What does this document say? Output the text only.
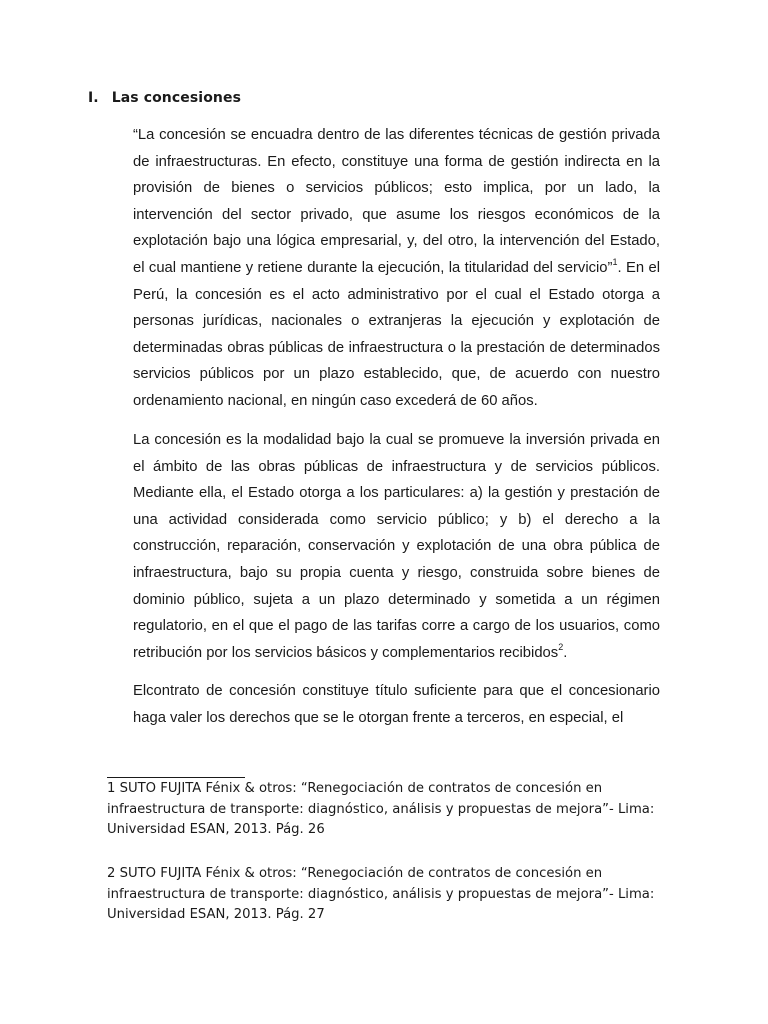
I. Las concesiones

“La concesión se encuadra dentro de las diferentes técnicas de gestión privada de infraestructuras. En efecto, constituye una forma de gestión indirecta en la provisión de bienes o servicios públicos; esto implica, por un lado, la intervención del sector privado, que asume los riesgos económicos de la explotación bajo una lógica empresarial, y, del otro, la intervención del Estado, el cual mantiene y retiene durante la ejecución, la titularidad del servicio”$^1$. En el Perú, la concesión es el acto administrativo por el cual el Estado otorga a personas jurídicas, nacionales o extranjeras la ejecución y explotación de determinadas obras públicas de infraestructura o la prestación de determinados servicios públicos por un plazo establecido, que, de acuerdo con nuestro ordenamiento nacional, en ningún caso excederá de 60 años.

La concesión es la modalidad bajo la cual se promueve la inversión privada en el ámbito de las obras públicas de infraestructura y de servicios públicos. Mediante ella, el Estado otorga a los particulares: a) la gestión y prestación de una actividad considerada como servicio público; y b) el derecho a la construcción, reparación, conservación y explotación de una obra pública de infraestructura, bajo su propia cuenta y riesgo, construida sobre bienes de dominio público, sujeta a un plazo determinado y sometida a un régimen regulatorio, en el que el pago de las tarifas corre a cargo de los usuarios, como retribución por los servicios básicos y complementarios recibidos$^2$.

Elcontrato de concesión constituye título suficiente para que el concesionario haga valer los derechos que se le otorgan frente a terceros, en especial, el

1 SUTO FUJITA Fénix & otros: “Renegociación de contratos de concesión en infraestructura de transporte: diagnóstico, análisis y propuestas de mejora”- Lima: Universidad ESAN, 2013. Pág. 26

2 SUTO FUJITA Fénix & otros: “Renegociación de contratos de concesión en infraestructura de transporte: diagnóstico, análisis y propuestas de mejora”- Lima: Universidad ESAN, 2013. Pág. 27
